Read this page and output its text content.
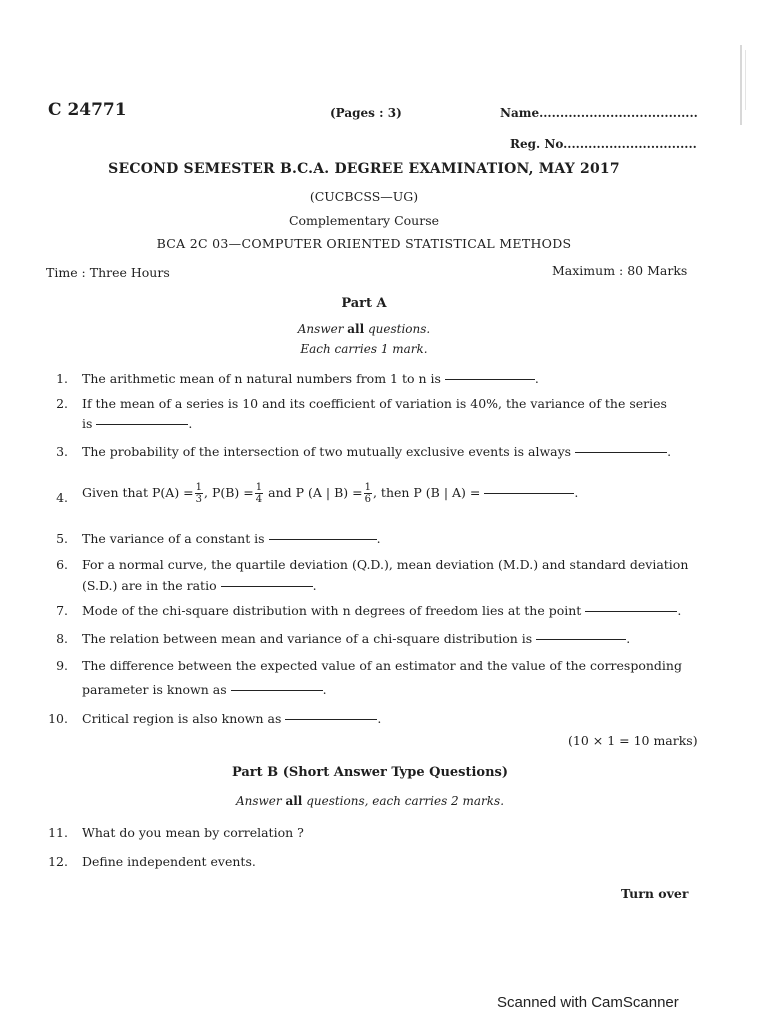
C 24771	(Pages : 3)	Name......................................
Reg. No................................
SECOND SEMESTER B.C.A. DEGREE EXAMINATION, MAY 2017
(CUCBCSS—UG)
Complementary Course
BCA 2C 03—COMPUTER ORIENTED STATISTICAL METHODS
Time : Three Hours	Maximum : 80 Marks
Part A
Answer all questions.
Each carries 1 mark.
1. The arithmetic mean of n natural numbers from 1 to n is	.
2. If the mean of a series is 10 and its coefficient of variation is 40%, the variance of the series
is	.
3. The probability of the intersection of two mutually exclusive events is always	.
4. Given that $P(A) = \frac{1}{3}$ , $P(B) = \frac{1}{4}$ and P (A | $B) = \frac{1}{6}$ , then P (B | A) =	.
5. The variance of a constant is	.
6. For a normal curve, the quartile deviation (Q.D.), mean deviation (M.D.) and standard deviation
(S.D.) are in the ratio	.
7. Mode of the chi-square distribution with n degrees of freedom lies at the point	.
8. The relation between mean and variance of a chi-square distribution is	.
9. The difference between the expected value of an estimator and the value of the corresponding
parameter is known as	.
10. Critical region is also known as	.
(10 × 1 = 10 marks)
Part B (Short Answer Type Questions)
Answer all questions, each carries 2 marks.
11. What do you mean by correlation ?
12. Define independent events.
Turn over
Scanned with CamScanner
